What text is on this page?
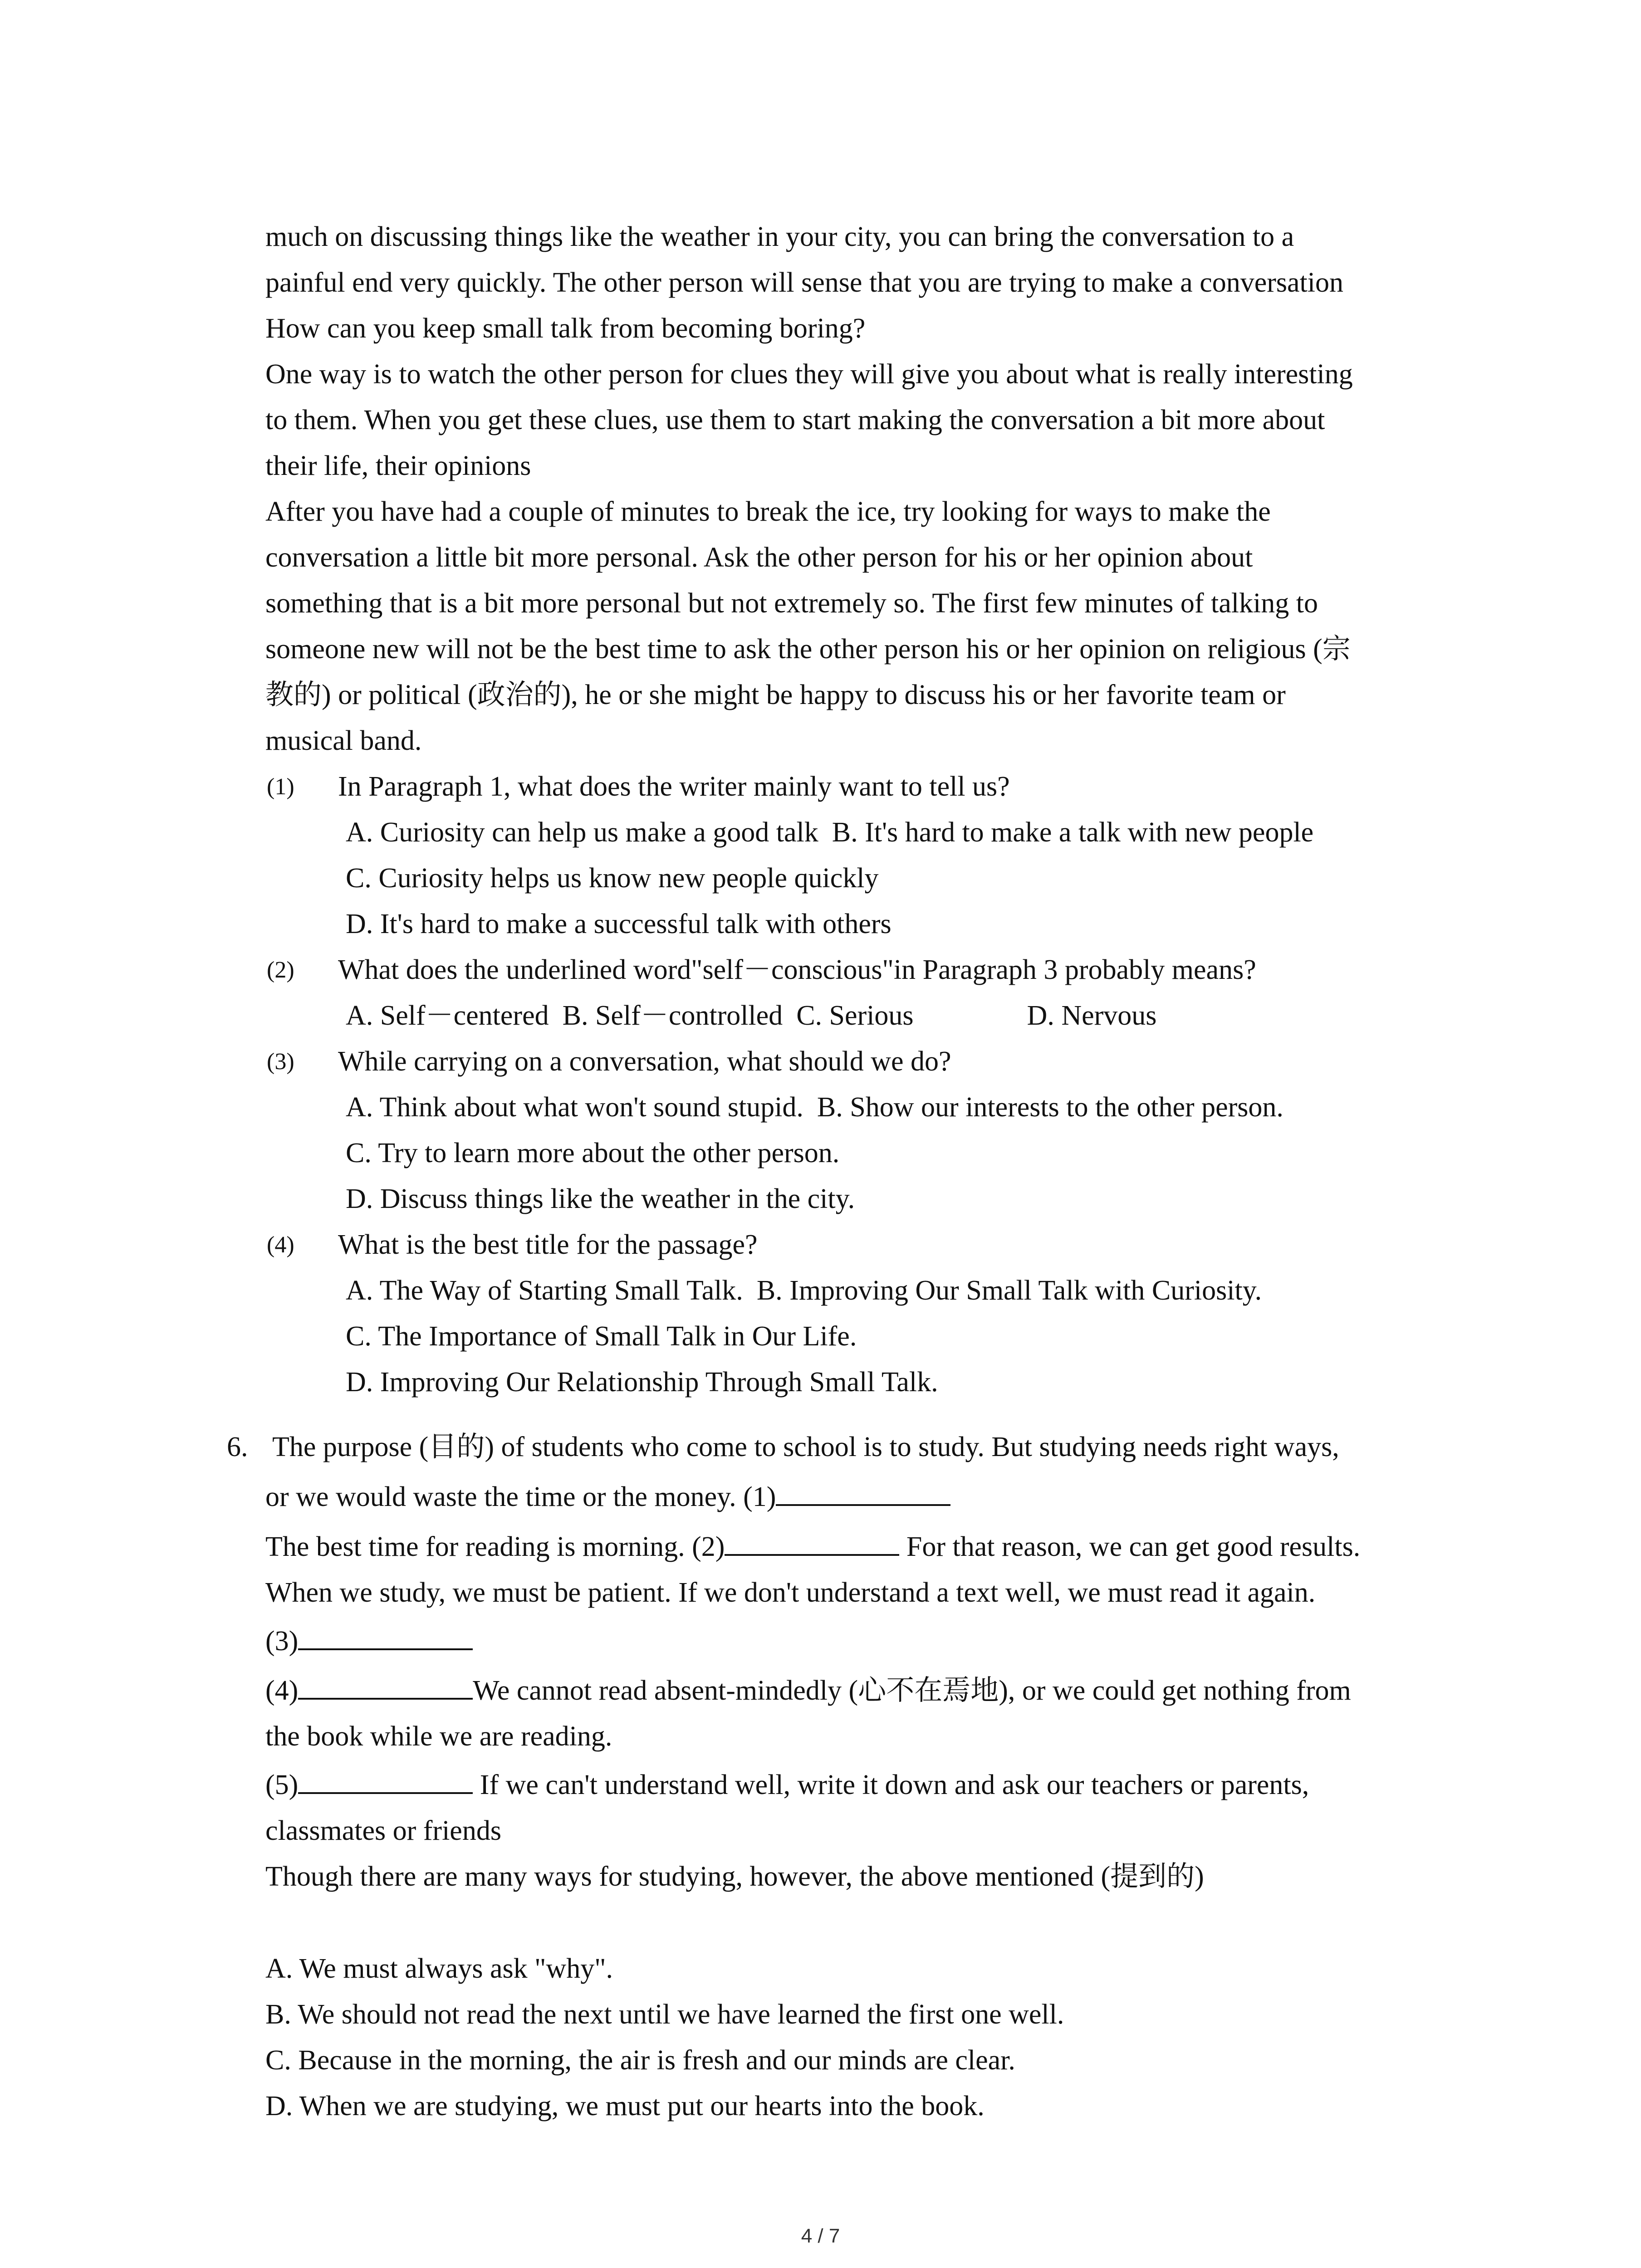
much on discussing things like the weather in your city, you can bring the conversation to a
painful end very quickly. The other person will sense that you are trying to make a conversation
How can you keep small talk from becoming boring?
One way is to watch the other person for clues they will give you about what is really interesting
to them. When you get these clues, use them to start making the conversation a bit more about
their life, their opinions
After you have had a couple of minutes to break the ice, try looking for ways to make the
conversation a little bit more personal. Ask the other person for his or her opinion about
something that is a bit more personal but not extremely so. The first few minutes of talking to
someone new will not be the best time to ask the other person his or her opinion on religious (宗
教的) or political (政治的), he or she might be happy to discuss his or her favorite team or
musical band.
(1) In Paragraph 1, what does the writer mainly want to tell us?
A. Curiosity can help us make a good talk B. It's hard to make a talk with new people
C. Curiosity helps us know new people quickly
D. It's hard to make a successful talk with others
(2) What does the underlined word"self－conscious"in Paragraph 3 probably means?
A. Self－centered B. Self－controlled C. Serious	D. Nervous
(3) While carrying on a conversation, what should we do?
A. Think about what won't sound stupid. B. Show our interests to the other person.
C. Try to learn more about the other person.
D. Discuss things like the weather in the city.
(4) What is the best title for the passage?
A. The Way of Starting Small Talk. B. Improving Our Small Talk with Curiosity.
C. The Importance of Small Talk in Our Life.
D. Improving Our Relationship Through Small Talk.
6. The purpose (目的) of students who come to school is to study. But studying needs right ways,
or we would waste the time or the money. (1)
The best time for reading is morning. (2)	For that reason, we can get good results.
When we study, we must be patient. If we don't understand a text well, we must read it again.
(3)
(4)	We cannot read absent-mindedly (心不在焉地), or we could get nothing from
the book while we are reading.
(5)	If we can't understand well, write it down and ask our teachers or parents,
classmates or friends
Though there are many ways for studying, however, the above mentioned (提到的)
A. We must always ask "why".
B. We should not read the next until we have learned the first one well.
C. Because in the morning, the air is fresh and our minds are clear.
D. When we are studying, we must put our hearts into the book.
4 / 7
